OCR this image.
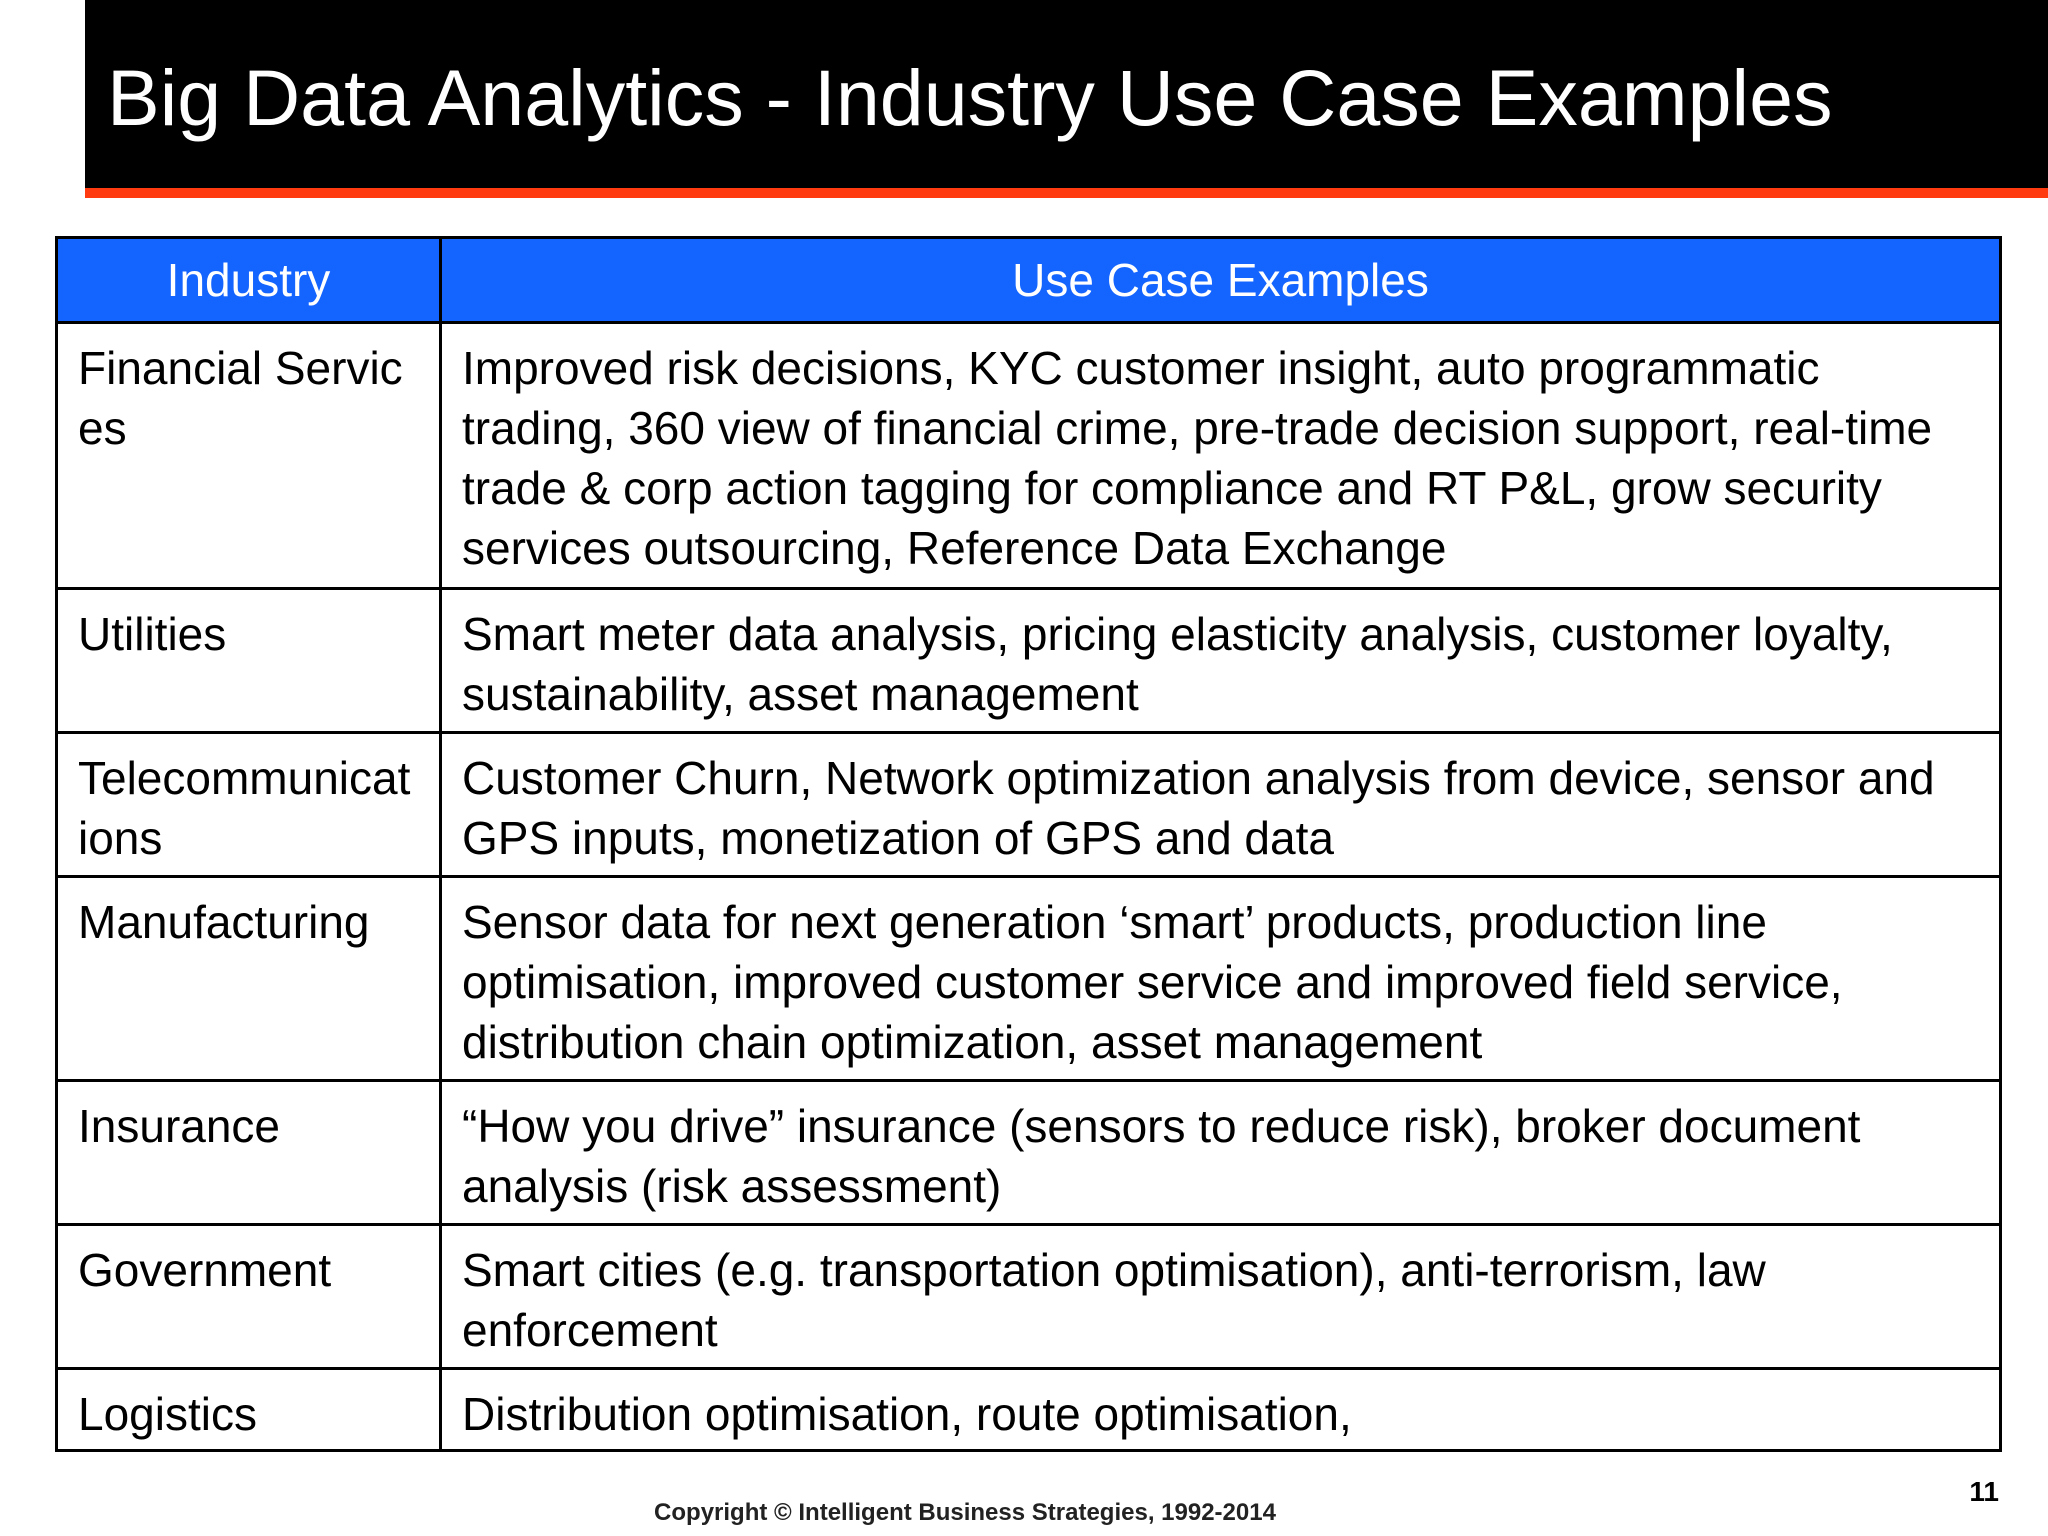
Big Data Analytics - Industry Use Case Examples
Industry	Use Case Examples
Financial Services	Improved risk decisions, KYC customer insight, auto programmatic trading, 360 view of financial crime, pre-trade decision support, real-time trade & corp action tagging for compliance and RT P&L, grow security services outsourcing, Reference Data Exchange
Utilities	Smart meter data analysis, pricing elasticity analysis, customer loyalty, sustainability, asset management
Telecommunications	Customer Churn, Network optimization analysis from device, sensor and GPS inputs, monetization of GPS and data
Manufacturing	Sensor data for next generation ‘smart’ products, production line optimisation, improved customer service and improved field service, distribution chain optimization, asset management
Insurance	“How you drive” insurance (sensors to reduce risk), broker document analysis (risk assessment)
Government	Smart cities (e.g. transportation optimisation), anti-terrorism, law enforcement
Logistics	Distribution optimisation, route optimisation,
11
Copyright © Intelligent Business Strategies, 1992-2014
